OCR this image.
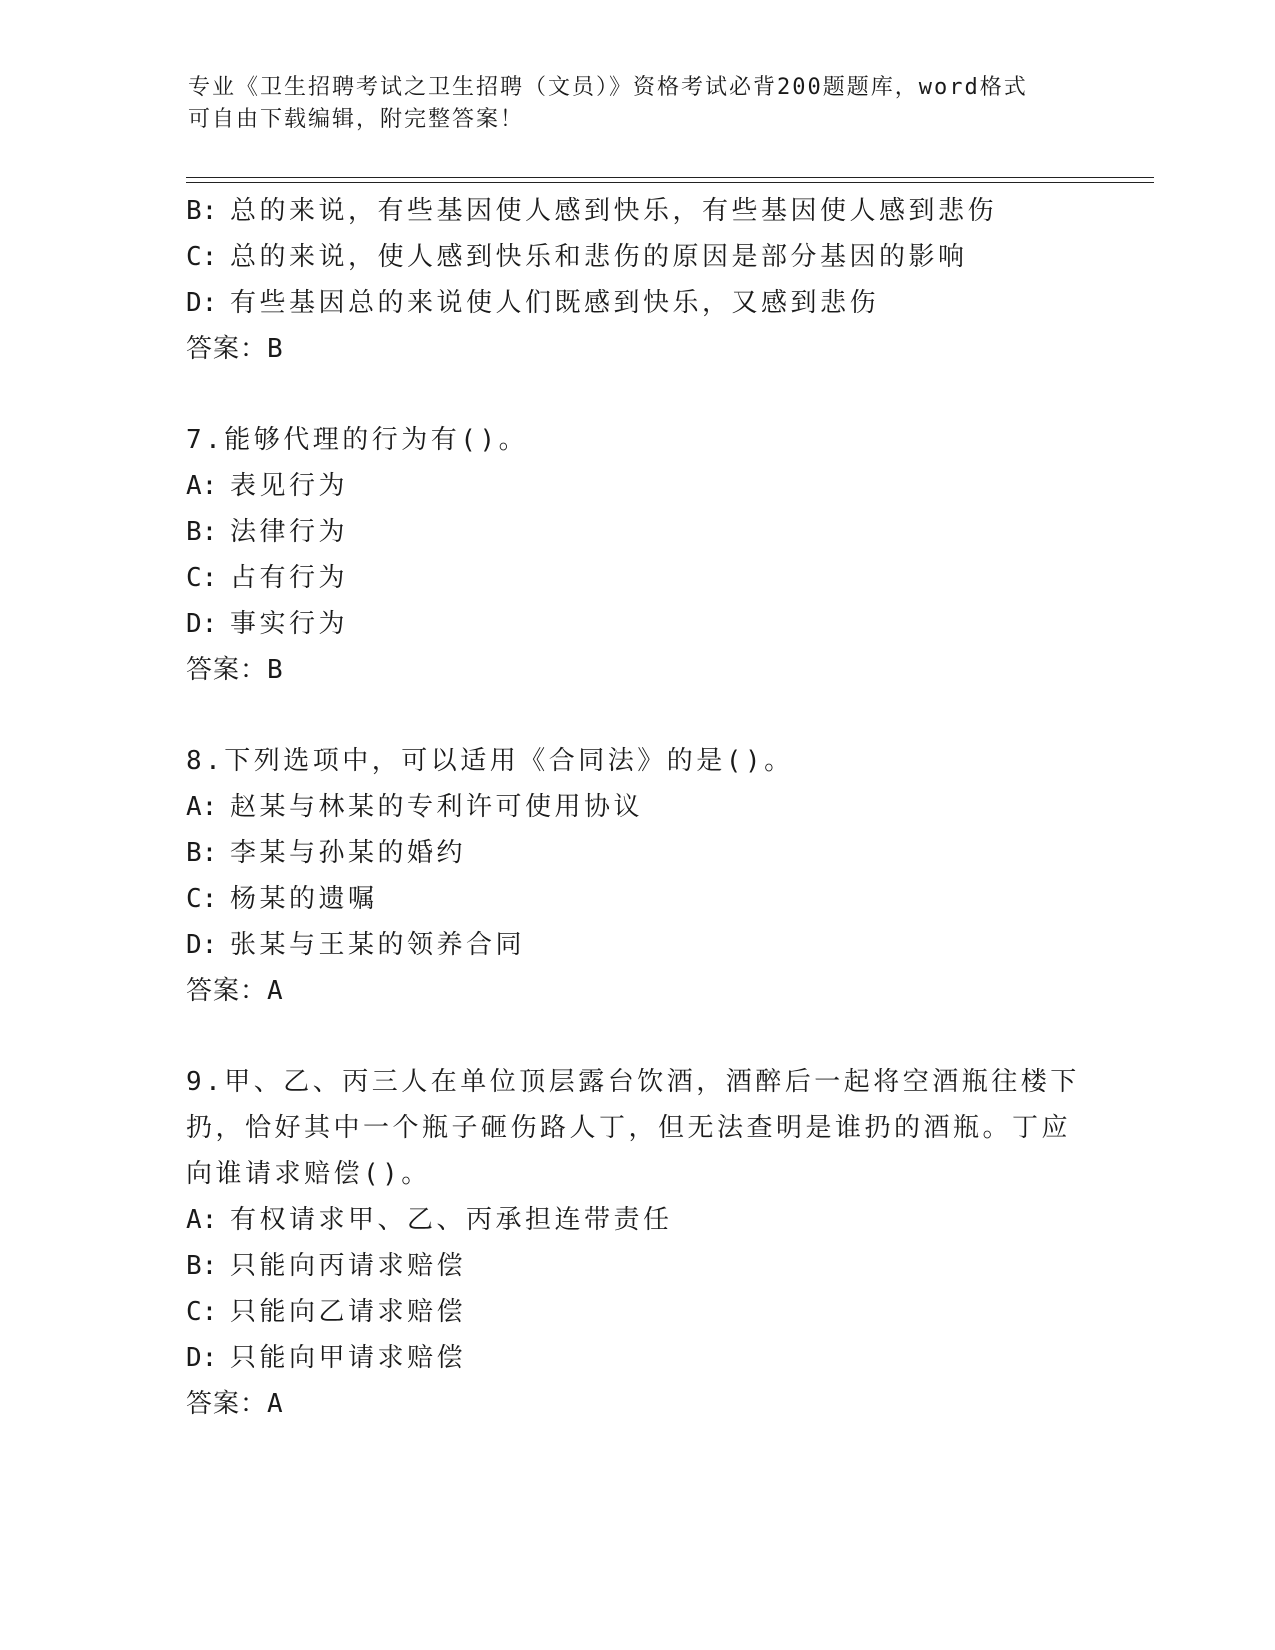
专业《卫生招聘考试之卫生招聘（文员）》资格考试必背200题题库，word格式
可自由下载编辑，附完整答案！
B: 总的来说，有些基因使人感到快乐，有些基因使人感到悲伤
C: 总的来说，使人感到快乐和悲伤的原因是部分基因的影响
D: 有些基因总的来说使人们既感到快乐，又感到悲伤
答案：B
7.能够代理的行为有()。
A: 表见行为
B: 法律行为
C: 占有行为
D: 事实行为
答案：B
8.下列选项中，可以适用《合同法》的是()。
A: 赵某与林某的专利许可使用协议
B: 李某与孙某的婚约
C: 杨某的遗嘱
D: 张某与王某的领养合同
答案：A
9.甲、乙、丙三人在单位顶层露台饮酒，酒醉后一起将空酒瓶往楼下
扔，恰好其中一个瓶子砸伤路人丁，但无法查明是谁扔的酒瓶。丁应
向谁请求赔偿()。
A: 有权请求甲、乙、丙承担连带责任
B: 只能向丙请求赔偿
C: 只能向乙请求赔偿
D: 只能向甲请求赔偿
答案：A
